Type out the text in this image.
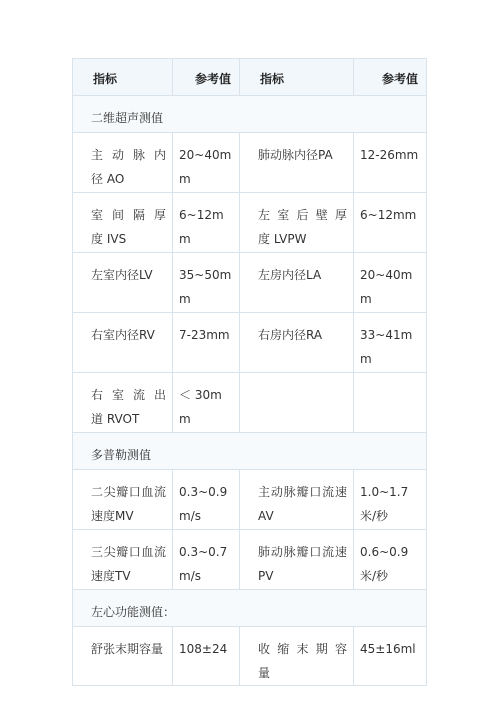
指标	参考值	指标	参考值
二维超声测值			
主 动 脉 内 径 AO	20~40mm	肺动脉内径PA	12-26mm
室 间 隔 厚 度 IVS	6~12mm	左 室 后 壁 厚 度 LVPW	6~12mm
左室内径LV	35~50mm	左房内径LA	20~40mm
右室内径RV	7-23mm	右房内径RA	33~41mm
右 室 流 出 道 RVOT	＜ 30mm		
多普勒测值			
二尖瓣口血流速度MV	0.3~0.9m/s	主动脉瓣口流速AV	1.0~1.7米/秒
三尖瓣口血流速度TV	0.3~0.7m/s	肺动脉瓣口流速PV	0.6~0.9米/秒
左心功能测值：			
舒张末期容量	108±24	收 缩 末 期 容 量	45±16ml
